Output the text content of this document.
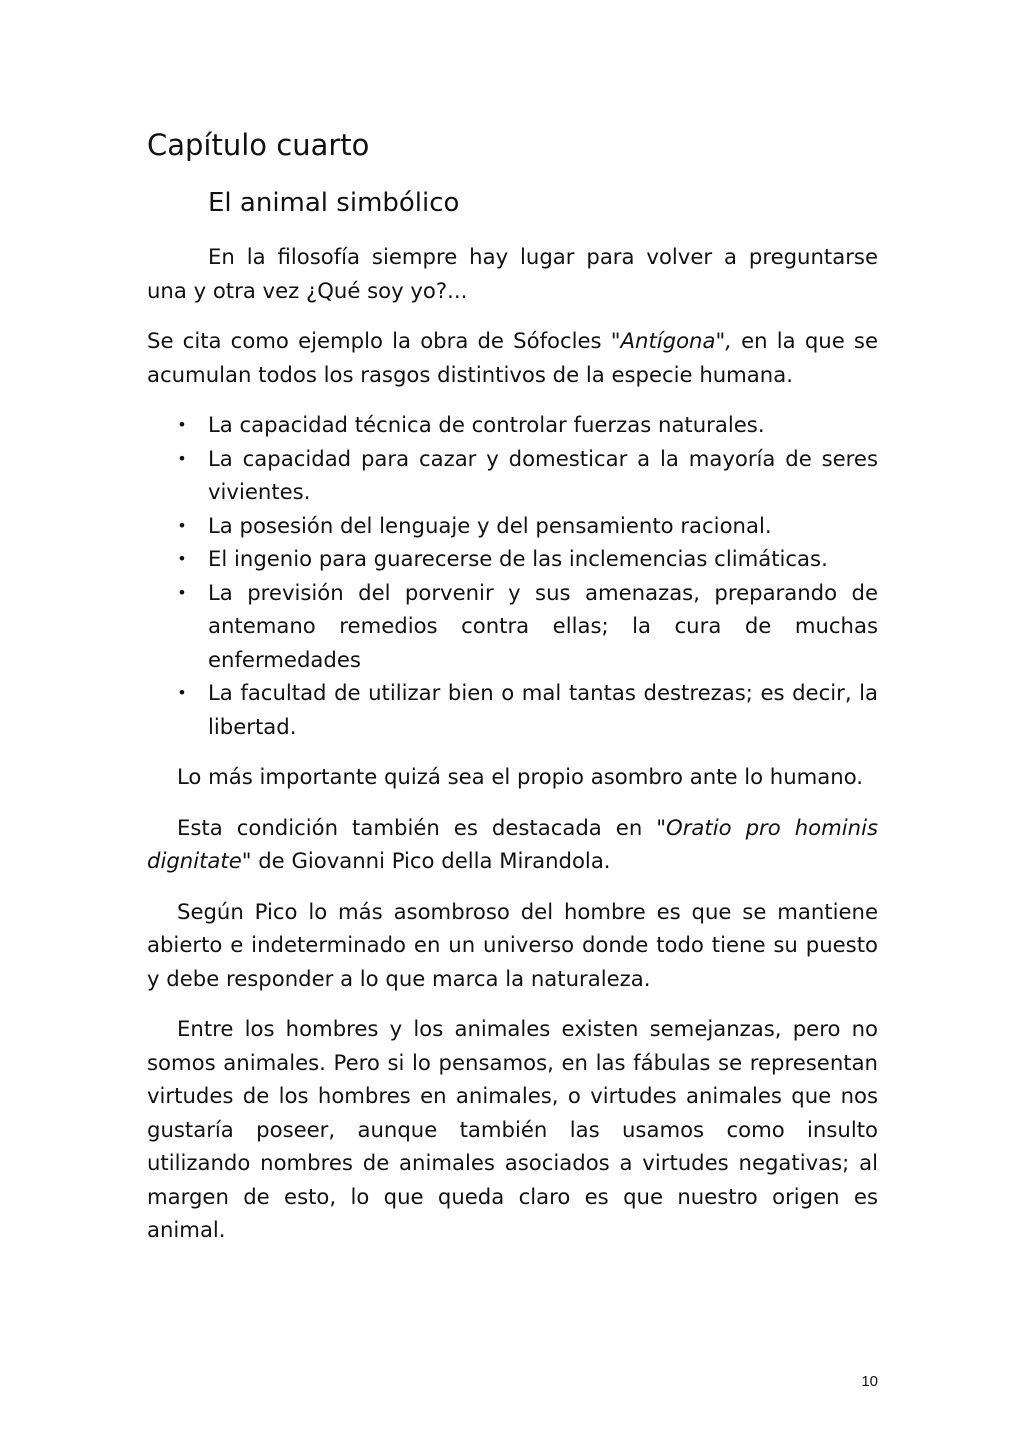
Capítulo cuarto
El animal simbólico

En la filosofía siempre hay lugar para volver a preguntarse una y otra vez ¿Qué soy yo?...

Se cita como ejemplo la obra de Sófocles "Antígona", en la que se acumulan todos los rasgos distintivos de la especie humana.

• La capacidad técnica de controlar fuerzas naturales.
• La capacidad para cazar y domesticar a la mayoría de seres vivientes.
• La posesión del lenguaje y del pensamiento racional.
• El ingenio para guarecerse de las inclemencias climáticas.
• La previsión del porvenir y sus amenazas, preparando de antemano remedios contra ellas; la cura de muchas enfermedades
• La facultad de utilizar bien o mal tantas destrezas; es decir, la libertad.

Lo más importante quizá sea el propio asombro ante lo humano.

Esta condición también es destacada en "Oratio pro hominis dignitate" de Giovanni Pico della Mirandola.

Según Pico lo más asombroso del hombre es que se mantiene abierto e indeterminado en un universo donde todo tiene su puesto y debe responder a lo que marca la naturaleza.

Entre los hombres y los animales existen semejanzas, pero no somos animales. Pero si lo pensamos, en las fábulas se representan virtudes de los hombres en animales, o virtudes animales que nos gustaría poseer, aunque también las usamos como insulto utilizando nombres de animales asociados a virtudes negativas; al margen de esto, lo que queda claro es que nuestro origen es animal.

10
